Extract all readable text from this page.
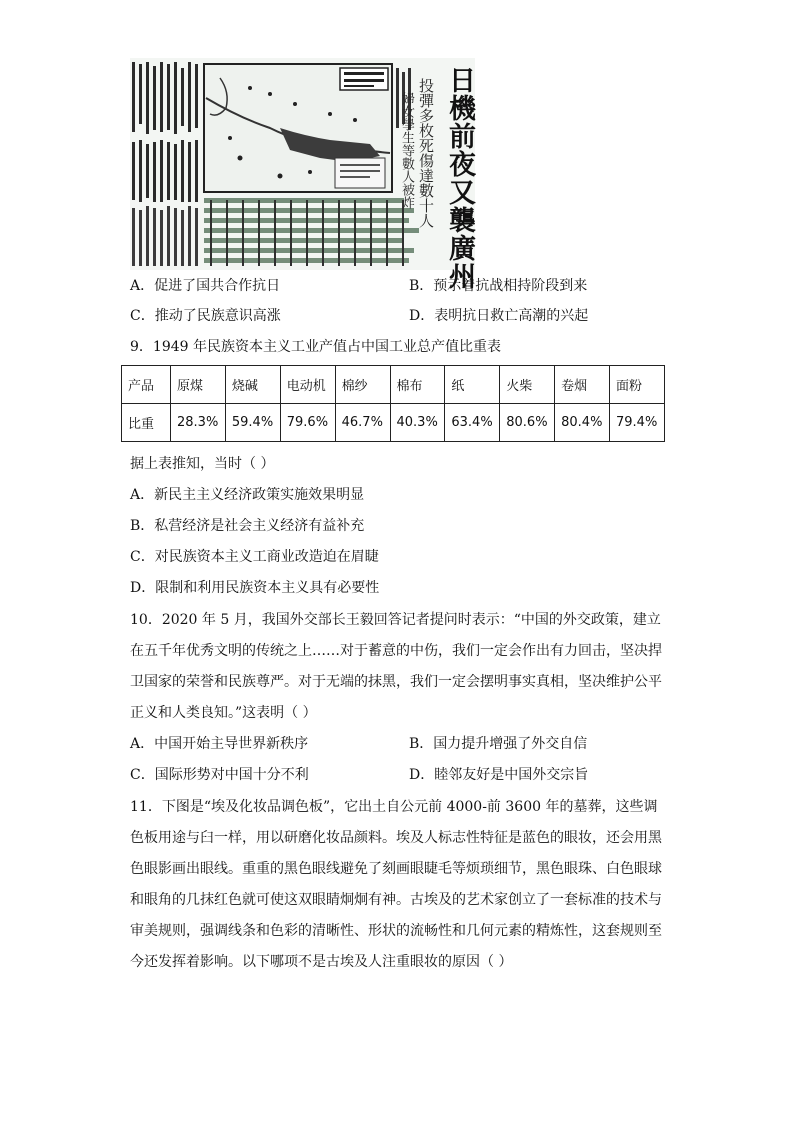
投彈多枚死傷達數十人
婦女學生等數人被炸 日機前夜又襲廣州
A．促进了国共合作抗日	B．预示着抗战相持阶段到来
C．推动了民族意识高涨	D．表明抗日救亡高潮的兴起
9．1949 年民族资本主义工业产值占中国工业总产值比重表
产品	原煤	烧碱	电动机	棉纱	棉布	纸	火柴	卷烟	面粉
比重	28.3%	59.4%	79.6%	46.7%	40.3%	63.4%	80.6%	80.4%	79.4%
据上表推知，当时（ ）
A．新民主主义经济政策实施效果明显
B．私营经济是社会主义经济有益补充
C．对民族资本主义工商业改造迫在眉睫
D．限制和利用民族资本主义具有必要性
10．2020 年 5 月，我国外交部长王毅回答记者提问时表示：“中国的外交政策，建立在五千年优秀文明的传统之上……对于蓄意的中伤，我们一定会作出有力回击，坚决捍卫国家的荣誉和民族尊严。对于无端的抹黑，我们一定会摆明事实真相，坚决维护公平正义和人类良知。”这表明（ ）
A．中国开始主导世界新秩序	B．国力提升增强了外交自信
C．国际形势对中国十分不利	D．睦邻友好是中国外交宗旨
11．下图是“埃及化妆品调色板”，它出土自公元前 4000-前 3600 年的墓葬，这些调色板用途与臼一样，用以研磨化妆品颜料。埃及人标志性特征是蓝色的眼妆，还会用黑色眼影画出眼线。重重的黑色眼线避免了刻画眼睫毛等烦琐细节，黑色眼珠、白色眼球和眼角的几抹红色就可使这双眼睛炯炯有神。古埃及的艺术家创立了一套标准的技术与审美规则，强调线条和色彩的清晰性、形状的流畅性和几何元素的精炼性，这套规则至今还发挥着影响。以下哪项不是古埃及人注重眼妆的原因（ ）
